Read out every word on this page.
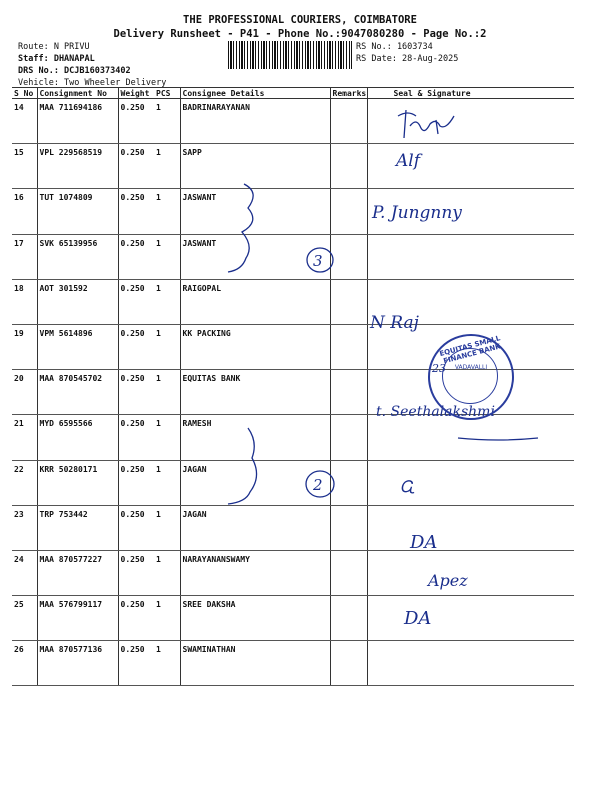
THE PROFESSIONAL COURIERS, COIMBATORE
Delivery Runsheet - P41 - Phone No.:9047080280 - Page No.:2
Route: N PRIVU
Staff: DHANAPAL
DRS No.: DCJB160373402
Vehicle: Two Wheeler Delivery
RS No.: 1603734
RS Date: 28-Aug-2025
S No	Consignment No	Weight	PCS	Consignee Details	Remarks	Seal & Signature
14	MAA 711694186	0.250	1	BADRINARAYANAN		
15	VPL 229568519	0.250	1	SAPP		
16	TUT 1074809	0.250	1	JASWANT		
17	SVK 65139956	0.250	1	JASWANT		
18	AOT 301592	0.250	1	RAIGOPAL		
19	VPM 5614896	0.250	1	KK PACKING		
20	MAA 870545702	0.250	1	EQUITAS BANK		
21	MYD 6595566	0.250	1	RAMESH		
22	KRR 50280171	0.250	1	JAGAN		
23	TRP 753442	0.250	1	JAGAN		
24	MAA 870577227	0.250	1	NARAYANANSWAMY		
25	MAA 576799117	0.250	1	SREE DAKSHA		
26	MAA 870577136	0.250	1	SWAMINATHAN		
3
2
Alf
P. Jungnny
N Raj
23
t. Seethalakshmi
Ꮹ
DA
Apez
DA
EQUITAS SMALL FINANCE BANK
VADAVALLI
